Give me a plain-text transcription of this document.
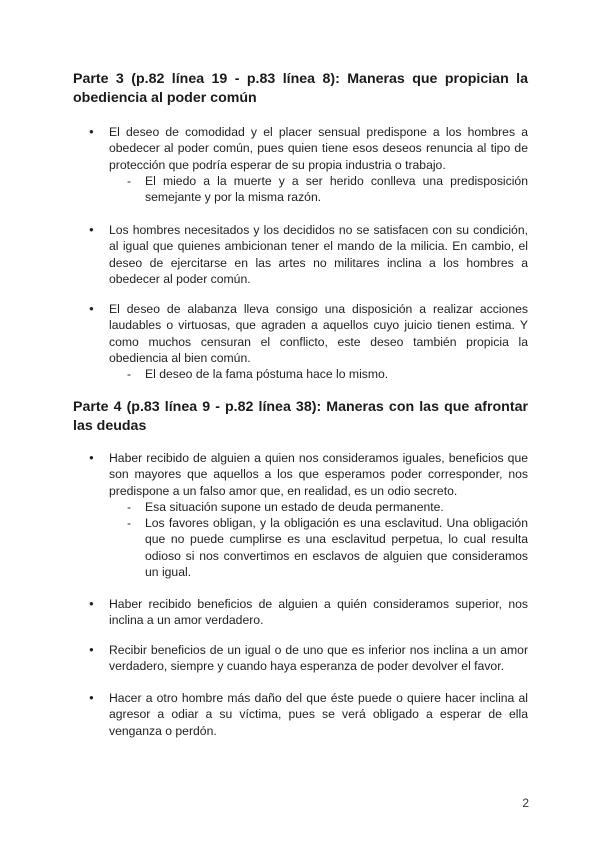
Parte 3 (p.82 línea 19 - p.83 línea 8): Maneras que propician la obediencia al poder común
● El deseo de comodidad y el placer sensual predispone a los hombres a obedecer al poder común, pues quien tiene esos deseos renuncia al tipo de protección que podría esperar de su propia industria o trabajo.
- El miedo a la muerte y a ser herido conlleva una predisposición semejante y por la misma razón.
● Los hombres necesitados y los decididos no se satisfacen con su condición, al igual que quienes ambicionan tener el mando de la milicia. En cambio, el deseo de ejercitarse en las artes no militares inclina a los hombres a obedecer al poder común.
● El deseo de alabanza lleva consigo una disposición a realizar acciones laudables o virtuosas, que agraden a aquellos cuyo juicio tienen estima. Y como muchos censuran el conflicto, este deseo también propicia la obediencia al bien común.
- El deseo de la fama póstuma hace lo mismo.
Parte 4 (p.83 línea 9 - p.82 línea 38): Maneras con las que afrontar las deudas
● Haber recibido de alguien a quien nos consideramos iguales, beneficios que son mayores que aquellos a los que esperamos poder corresponder, nos predispone a un falso amor que, en realidad, es un odio secreto.
- Esa situación supone un estado de deuda permanente.
- Los favores obligan, y la obligación es una esclavitud. Una obligación que no puede cumplirse es una esclavitud perpetua, lo cual resulta odioso si nos convertimos en esclavos de alguien que consideramos un igual.
● Haber recibido beneficios de alguien a quién consideramos superior, nos inclina a un amor verdadero.
● Recibir beneficios de un igual o de uno que es inferior nos inclina a un amor verdadero, siempre y cuando haya esperanza de poder devolver el favor.
● Hacer a otro hombre más daño del que éste puede o quiere hacer inclina al agresor a odiar a su víctima, pues se verá obligado a esperar de ella venganza o perdón.
2
